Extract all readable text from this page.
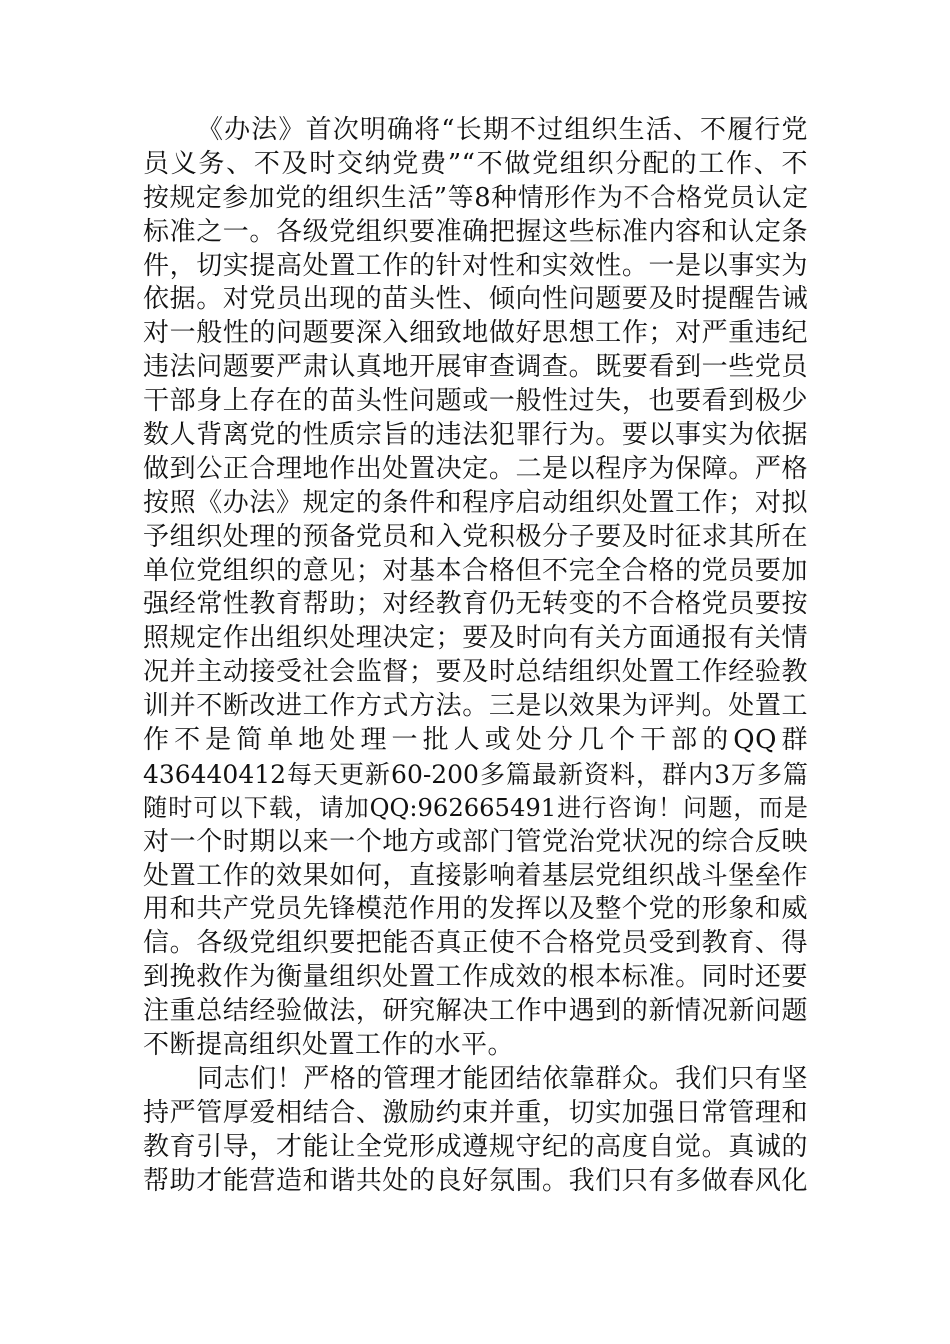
《办法》首次明确将“长期不过组织生活、不履行党
员义务、不及时交纳党费”“不做党组织分配的工作、不
按规定参加党的组织生活”等8种情形作为不合格党员认定
标准之一。各级党组织要准确把握这些标准内容和认定条
件，切实提高处置工作的针对性和实效性。一是以事实为
依据。对党员出现的苗头性、倾向性问题要及时提醒告诫
对一般性的问题要深入细致地做好思想工作；对严重违纪
违法问题要严肃认真地开展审查调查。既要看到一些党员
干部身上存在的苗头性问题或一般性过失，也要看到极少
数人背离党的性质宗旨的违法犯罪行为。要以事实为依据
做到公正合理地作出处置决定。二是以程序为保障。严格
按照《办法》规定的条件和程序启动组织处置工作；对拟
予组织处理的预备党员和入党积极分子要及时征求其所在
单位党组织的意见；对基本合格但不完全合格的党员要加
强经常性教育帮助；对经教育仍无转变的不合格党员要按
照规定作出组织处理决定；要及时向有关方面通报有关情
况并主动接受社会监督；要及时总结组织处置工作经验教
训并不断改进工作方式方法。三是以效果为评判。处置工
作不是简单地处理一批人或处分几个干部的QQ群
436440412每天更新60-200多篇最新资料，群内3万多篇
随时可以下载，请加QQ:962665491进行咨询！问题，而是
对一个时期以来一个地方或部门管党治党状况的综合反映
处置工作的效果如何，直接影响着基层党组织战斗堡垒作
用和共产党员先锋模范作用的发挥以及整个党的形象和威
信。各级党组织要把能否真正使不合格党员受到教育、得
到挽救作为衡量组织处置工作成效的根本标准。同时还要
注重总结经验做法，研究解决工作中遇到的新情况新问题
不断提高组织处置工作的水平。
同志们！严格的管理才能团结依靠群众。我们只有坚
持严管厚爱相结合、激励约束并重，切实加强日常管理和
教育引导，才能让全党形成遵规守纪的高度自觉。真诚的
帮助才能营造和谐共处的良好氛围。我们只有多做春风化
